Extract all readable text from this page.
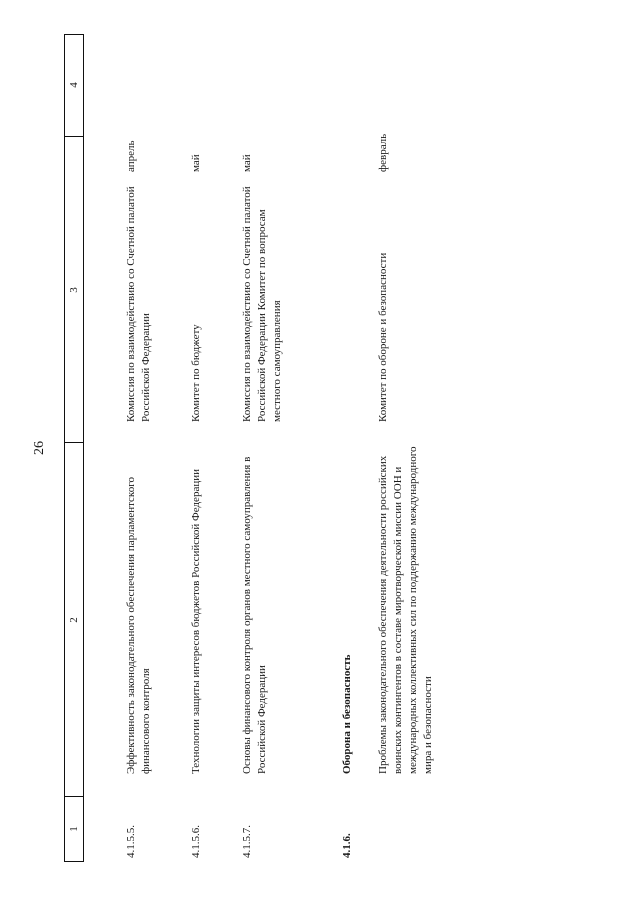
26
1
2
3
4
4.1.5.5.
Эффективность законодательного обеспечения парламентского финансового контроля
Комиссия по взаимодействию со Счетной палатой Российской Федерации
апрель
4.1.5.6.
Технологии защиты интересов бюджетов Российской Федерации
Комитет по бюджету
май
4.1.5.7.
Основы финансового контроля органов местного самоуправления в Российской Федерации
Комиссия по взаимодействию со Счетной палатой Российской Федерации Комитет по вопросам местного самоуправления
май
4.1.6.
Оборона и безопасность Проблемы законодательного обеспечения деятельности российских воинских контингентов в составе миротворческой миссии ООН и международных коллективных сил по поддержанию международного мира и безопасности
Комитет по обороне и безопасности
февраль
